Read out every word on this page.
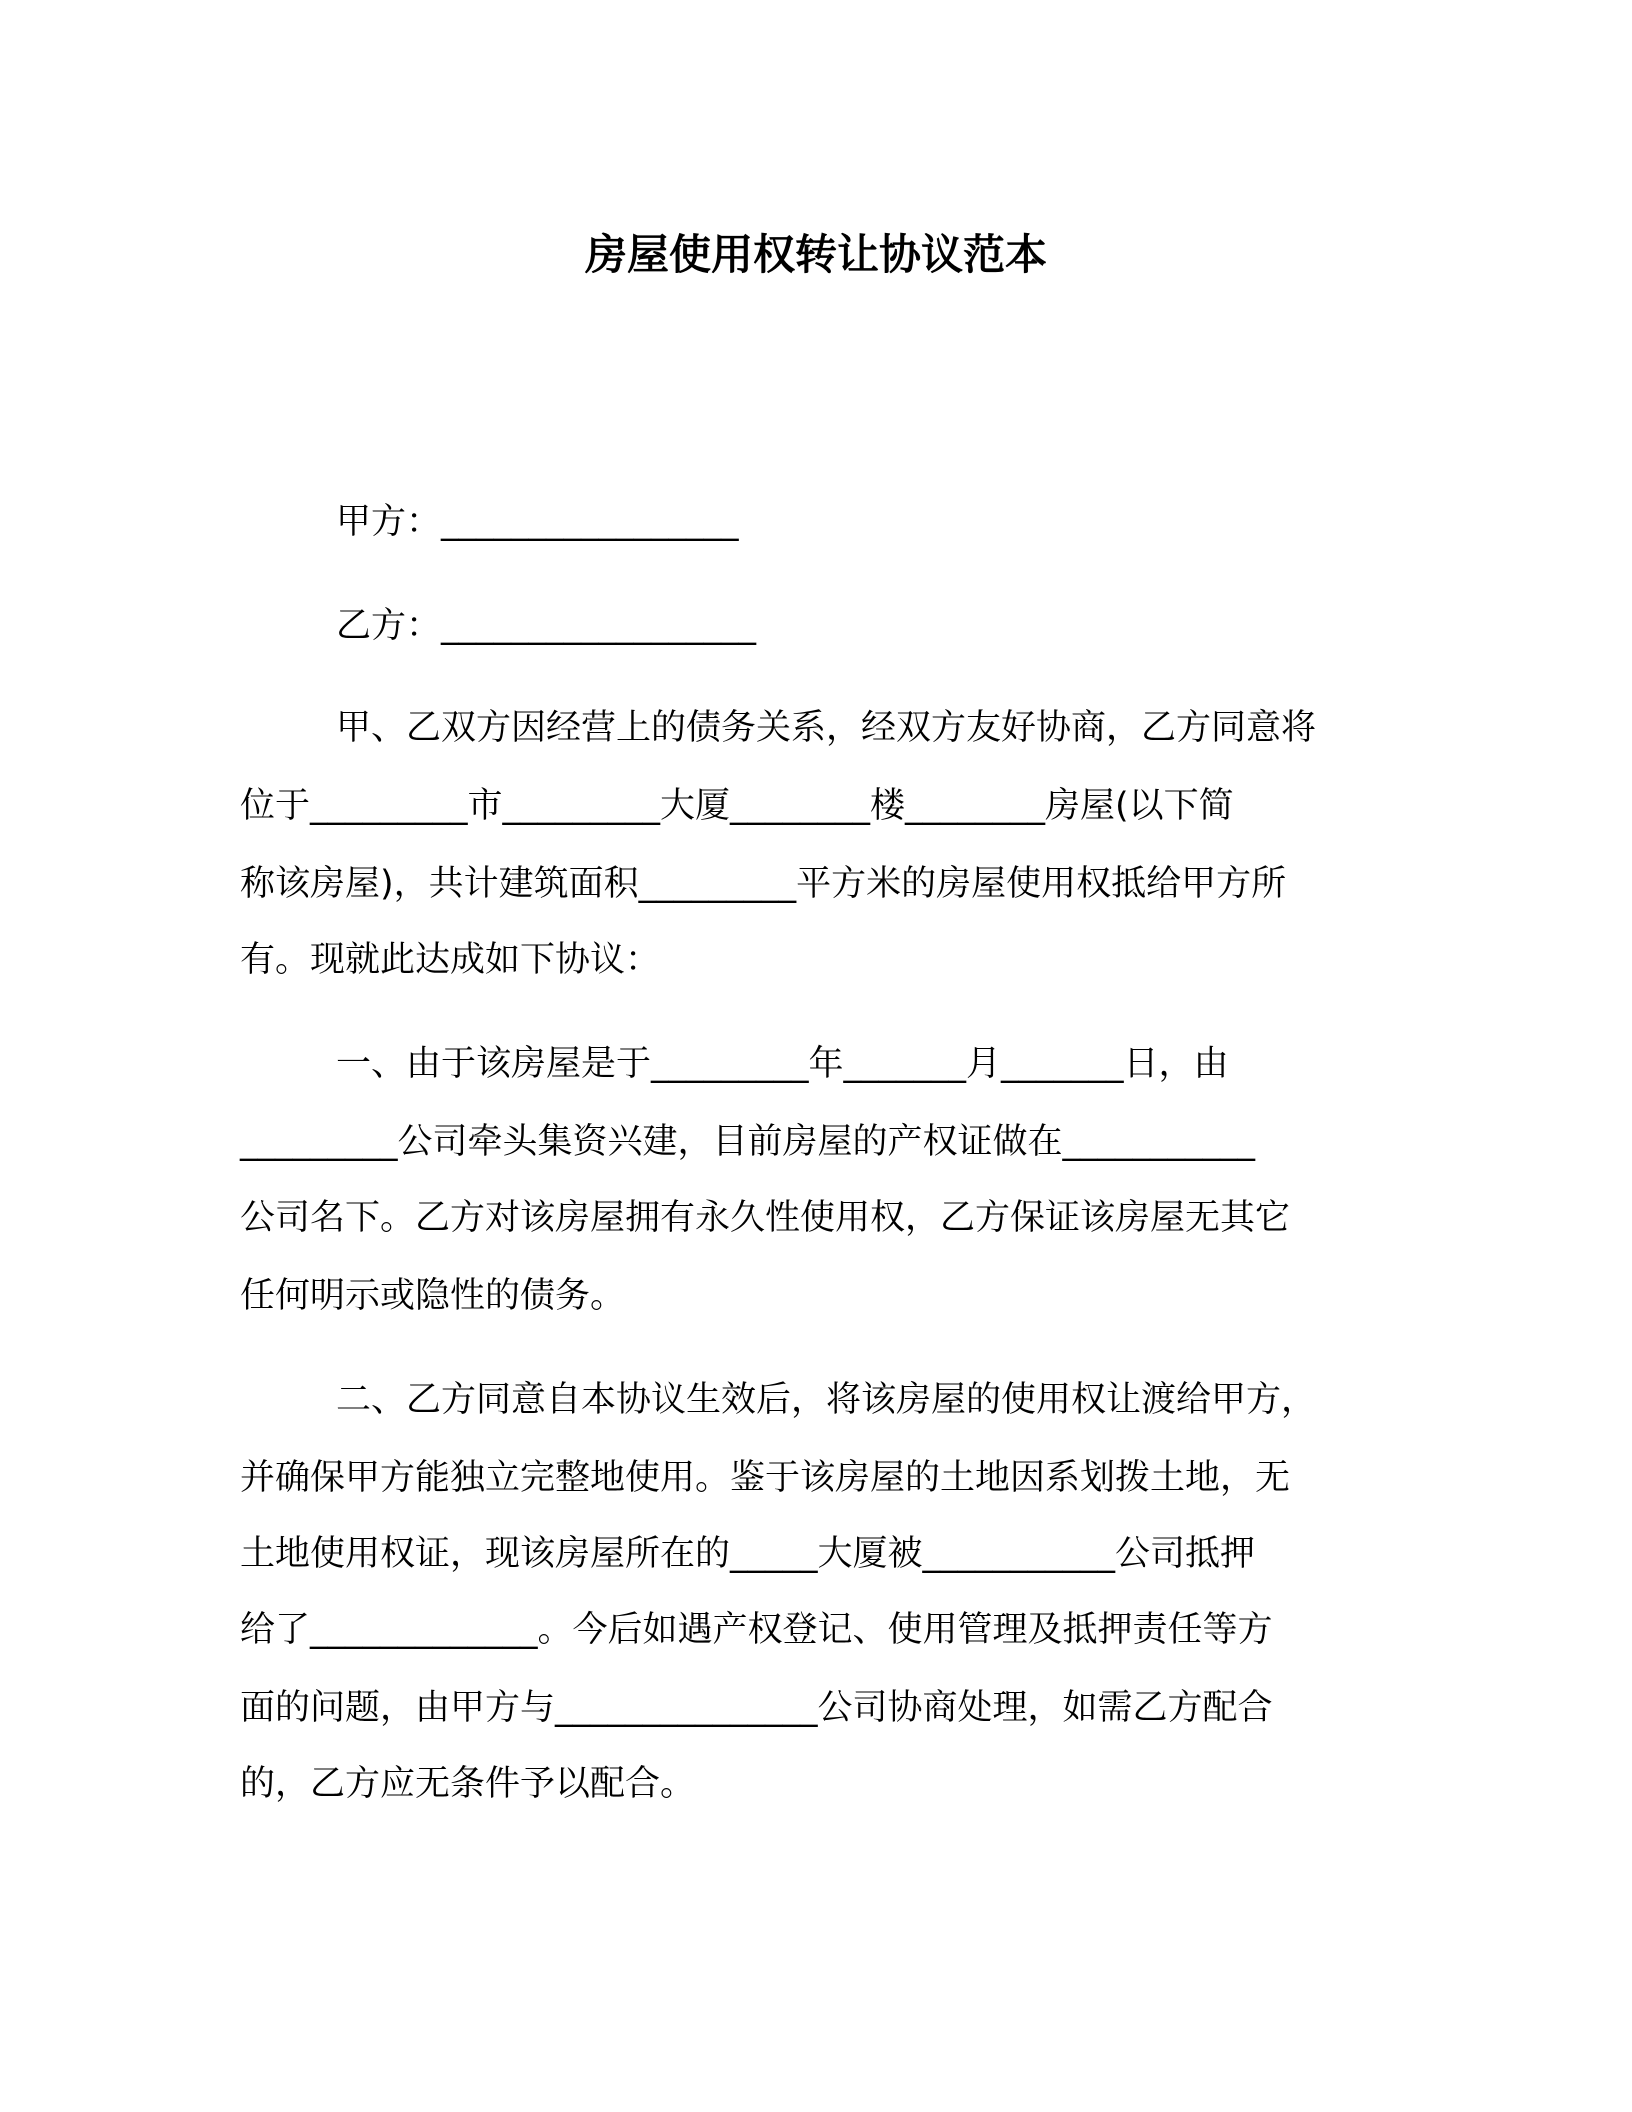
房屋使用权转让协议范本
甲方：_________________
乙方：__________________
甲、乙双方因经营上的债务关系，经双方友好协商，乙方同意将
位于_________市_________大厦________楼________房屋(以下简
称该房屋)，共计建筑面积_________平方米的房屋使用权抵给甲方所
有。现就此达成如下协议：
一、由于该房屋是于_________年_______月_______日，由
_________公司牵头集资兴建，目前房屋的产权证做在___________
公司名下。乙方对该房屋拥有永久性使用权，乙方保证该房屋无其它
任何明示或隐性的债务。
二、乙方同意自本协议生效后，将该房屋的使用权让渡给甲方，
并确保甲方能独立完整地使用。鉴于该房屋的土地因系划拨土地，无
土地使用权证，现该房屋所在的_____大厦被___________公司抵押
给了_____________。今后如遇产权登记、使用管理及抵押责任等方
面的问题，由甲方与_______________公司协商处理，如需乙方配合
的，乙方应无条件予以配合。
